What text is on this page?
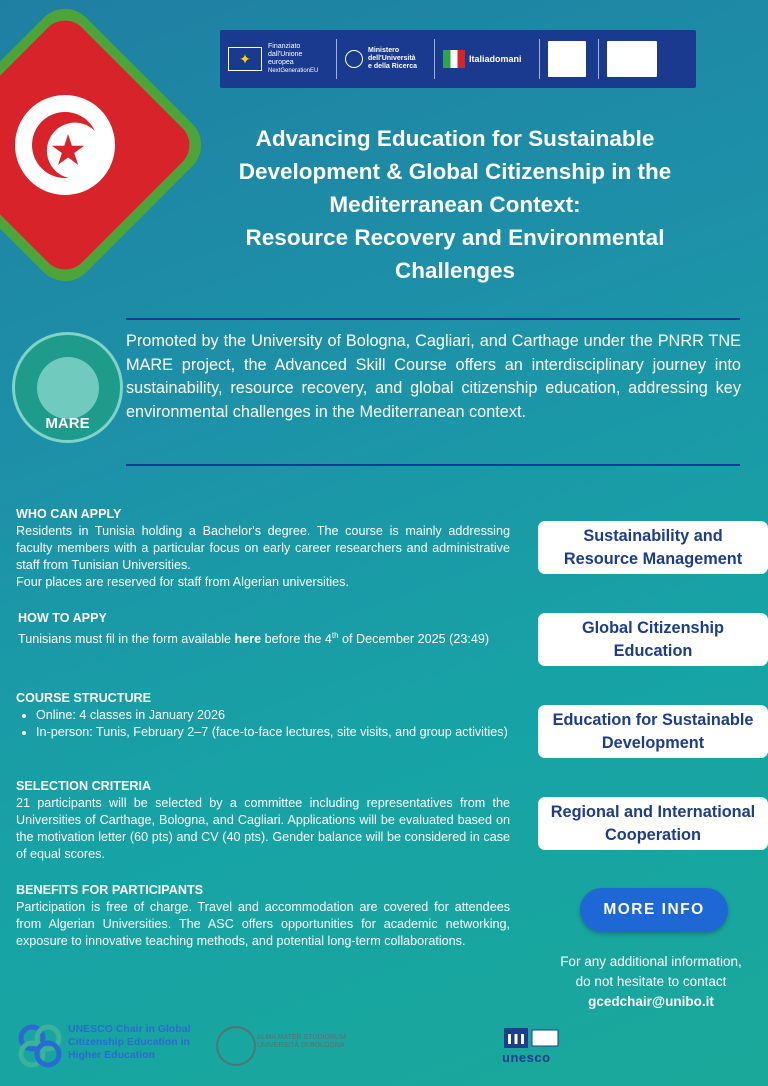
✦
Finanziato
dall'Unione europea
NextGenerationEU
Ministero
dell'Università
e della Ricerca
Italiadomani
★	Advancing Education for Sustainable
Development & Global Citizenship in the
Mediterranean Context:
Resource Recovery and Environmental
Challenges
MARE
Promoted by the University of Bologna, Cagliari, and Carthage under the PNRR TNE MARE project, the Advanced Skill Course offers an interdisciplinary journey into sustainability, resource recovery, and global citizenship education, addressing key environmental challenges in the Mediterranean context.
WHO CAN APPLY

Residents in Tunisia holding a Bachelor's degree. The course is mainly addressing faculty members with a particular focus on early career researchers and administrative staff from Tunisian Universities.

Four places are reserved for staff from Algerian universities.

HOW TO APPY

Tunisians must fil in the form available here before the 4th of December 2025 (23:49)

COURSE STRUCTURE
• Online: 4 classes in January 2026
• In-person: Tunis, February 2–7 (face-to-face lectures, site visits, and group activities)
SELECTION CRITERIA

21 participants will be selected by a committee including representatives from the Universities of Carthage, Bologna, and Cagliari. Applications will be evaluated based on the motivation letter (60 pts) and CV (40 pts). Gender balance will be considered in case of equal scores.

BENEFITS FOR PARTICIPANTS

Participation is free of charge. Travel and accommodation are covered for attendees from Algerian Universities. The ASC offers opportunities for academic networking, exposure to innovative teaching methods, and potential long-term collaborations.

Sustainability and
Resource Management
Global Citizenship
Education
Education for Sustainable
Development
Regional and International
Cooperation
MORE INFO
For any additional information,
do not hesitate to contact
gcedchair@unibo.it
UNESCO Chair in Global Citizenship Education in Higher Education
ALMA MATER STUDIORUM UNIVERSITÀ DI BOLOGNA
unesco
